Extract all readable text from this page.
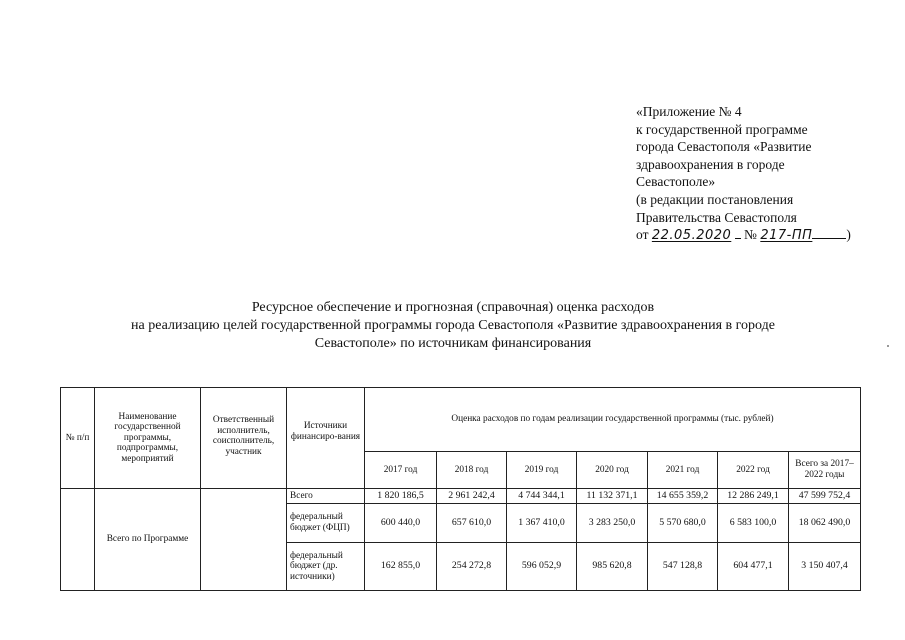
«Приложение № 4
к государственной программе
города Севастополя «Развитие
здравоохранения в городе
Севастополе»
(в редакции постановления
Правительства Севастополя
от 22.05.2020 № 217-ПП	)
Ресурсное обеспечение и прогнозная (справочная) оценка расходов
на реализацию целей государственной программы города Севастополя «Развитие здравоохранения в городе
Севастополе» по источникам финансирования
№ п/п	Наименование государственной программы, подпрограммы, мероприятий	Ответственный исполнитель, соисполнитель, участник	Источники финансиро-вания	Оценка расходов по годам реализации государственной программы (тыс. рублей)						
				2017 год	2018 год	2019 год	2020 год	2021 год	2022 год	Всего за 2017–2022 годы
	Всего по Программе		Всего	1 820 186,5	2 961 242,4	4 744 344,1	11 132 371,1	14 655 359,2	12 286 249,1	47 599 752,4
			федеральный бюджет (ФЦП)	600 440,0	657 610,0	1 367 410,0	3 283 250,0	5 570 680,0	6 583 100,0	18 062 490,0
			федеральный бюджет (др. источники)	162 855,0	254 272,8	596 052,9	985 620,8	547 128,8	604 477,1	3 150 407,4
